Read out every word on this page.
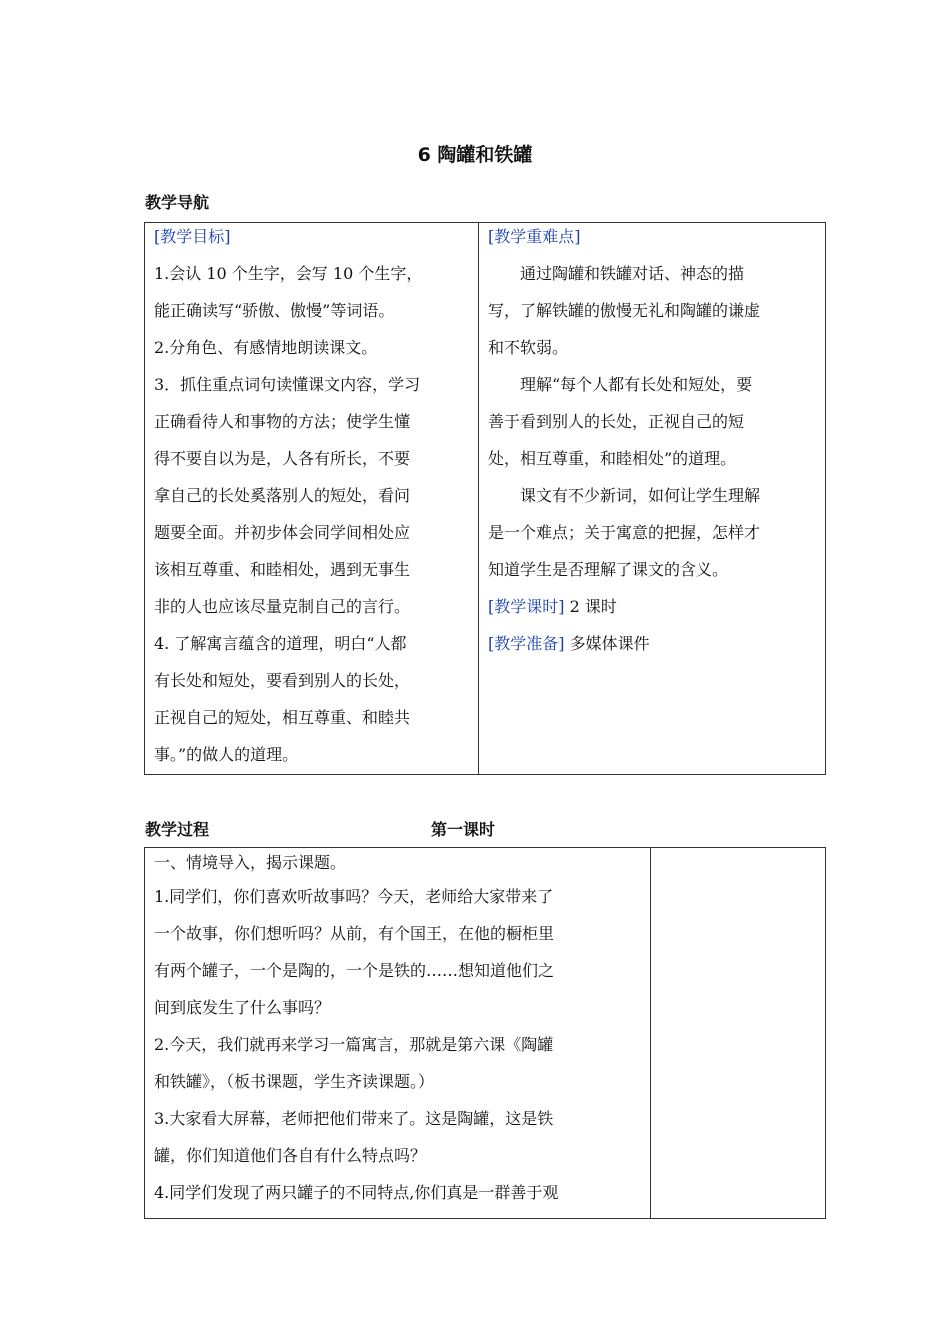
6 陶罐和铁罐
教学导航
[教学目标]
1.会认 10 个生字，会写 10 个生字，
能正确读写“骄傲、傲慢”等词语。
2.分角色、有感情地朗读课文。
3．抓住重点词句读懂课文内容，学习
正确看待人和事物的方法；使学生懂
得不要自以为是，人各有所长，不要
拿自己的长处奚落别人的短处，看问
题要全面。并初步体会同学间相处应
该相互尊重、和睦相处，遇到无事生
非的人也应该尽量克制自己的言行。
4. 了解寓言蕴含的道理，明白“人都
有长处和短处，要看到别人的长处，
正视自己的短处，相互尊重、和睦共
事。”的做人的道理。

[教学重难点]
通过陶罐和铁罐对话、神态的描
写，了解铁罐的傲慢无礼和陶罐的谦虚
和不软弱。
理解“每个人都有长处和短处，要
善于看到别人的长处，正视自己的短
处，相互尊重，和睦相处”的道理。
课文有不少新词，如何让学生理解
是一个难点；关于寓意的把握，怎样才
知道学生是否理解了课文的含义。
[教学课时] 2 课时
[教学准备] 多媒体课件
教学过程	第一课时
一、情境导入，揭示课题。
1.同学们，你们喜欢听故事吗？今天，老师给大家带来了
一个故事，你们想听吗？从前，有个国王，在他的橱柜里
有两个罐子，一个是陶的，一个是铁的……想知道他们之
间到底发生了什么事吗？
2.今天，我们就再来学习一篇寓言，那就是第六课《陶罐
和铁罐》，（板书课题，学生齐读课题。）
3.大家看大屏幕，老师把他们带来了。这是陶罐，这是铁
罐，你们知道他们各自有什么特点吗？
4.同学们发现了两只罐子的不同特点,你们真是一群善于观
